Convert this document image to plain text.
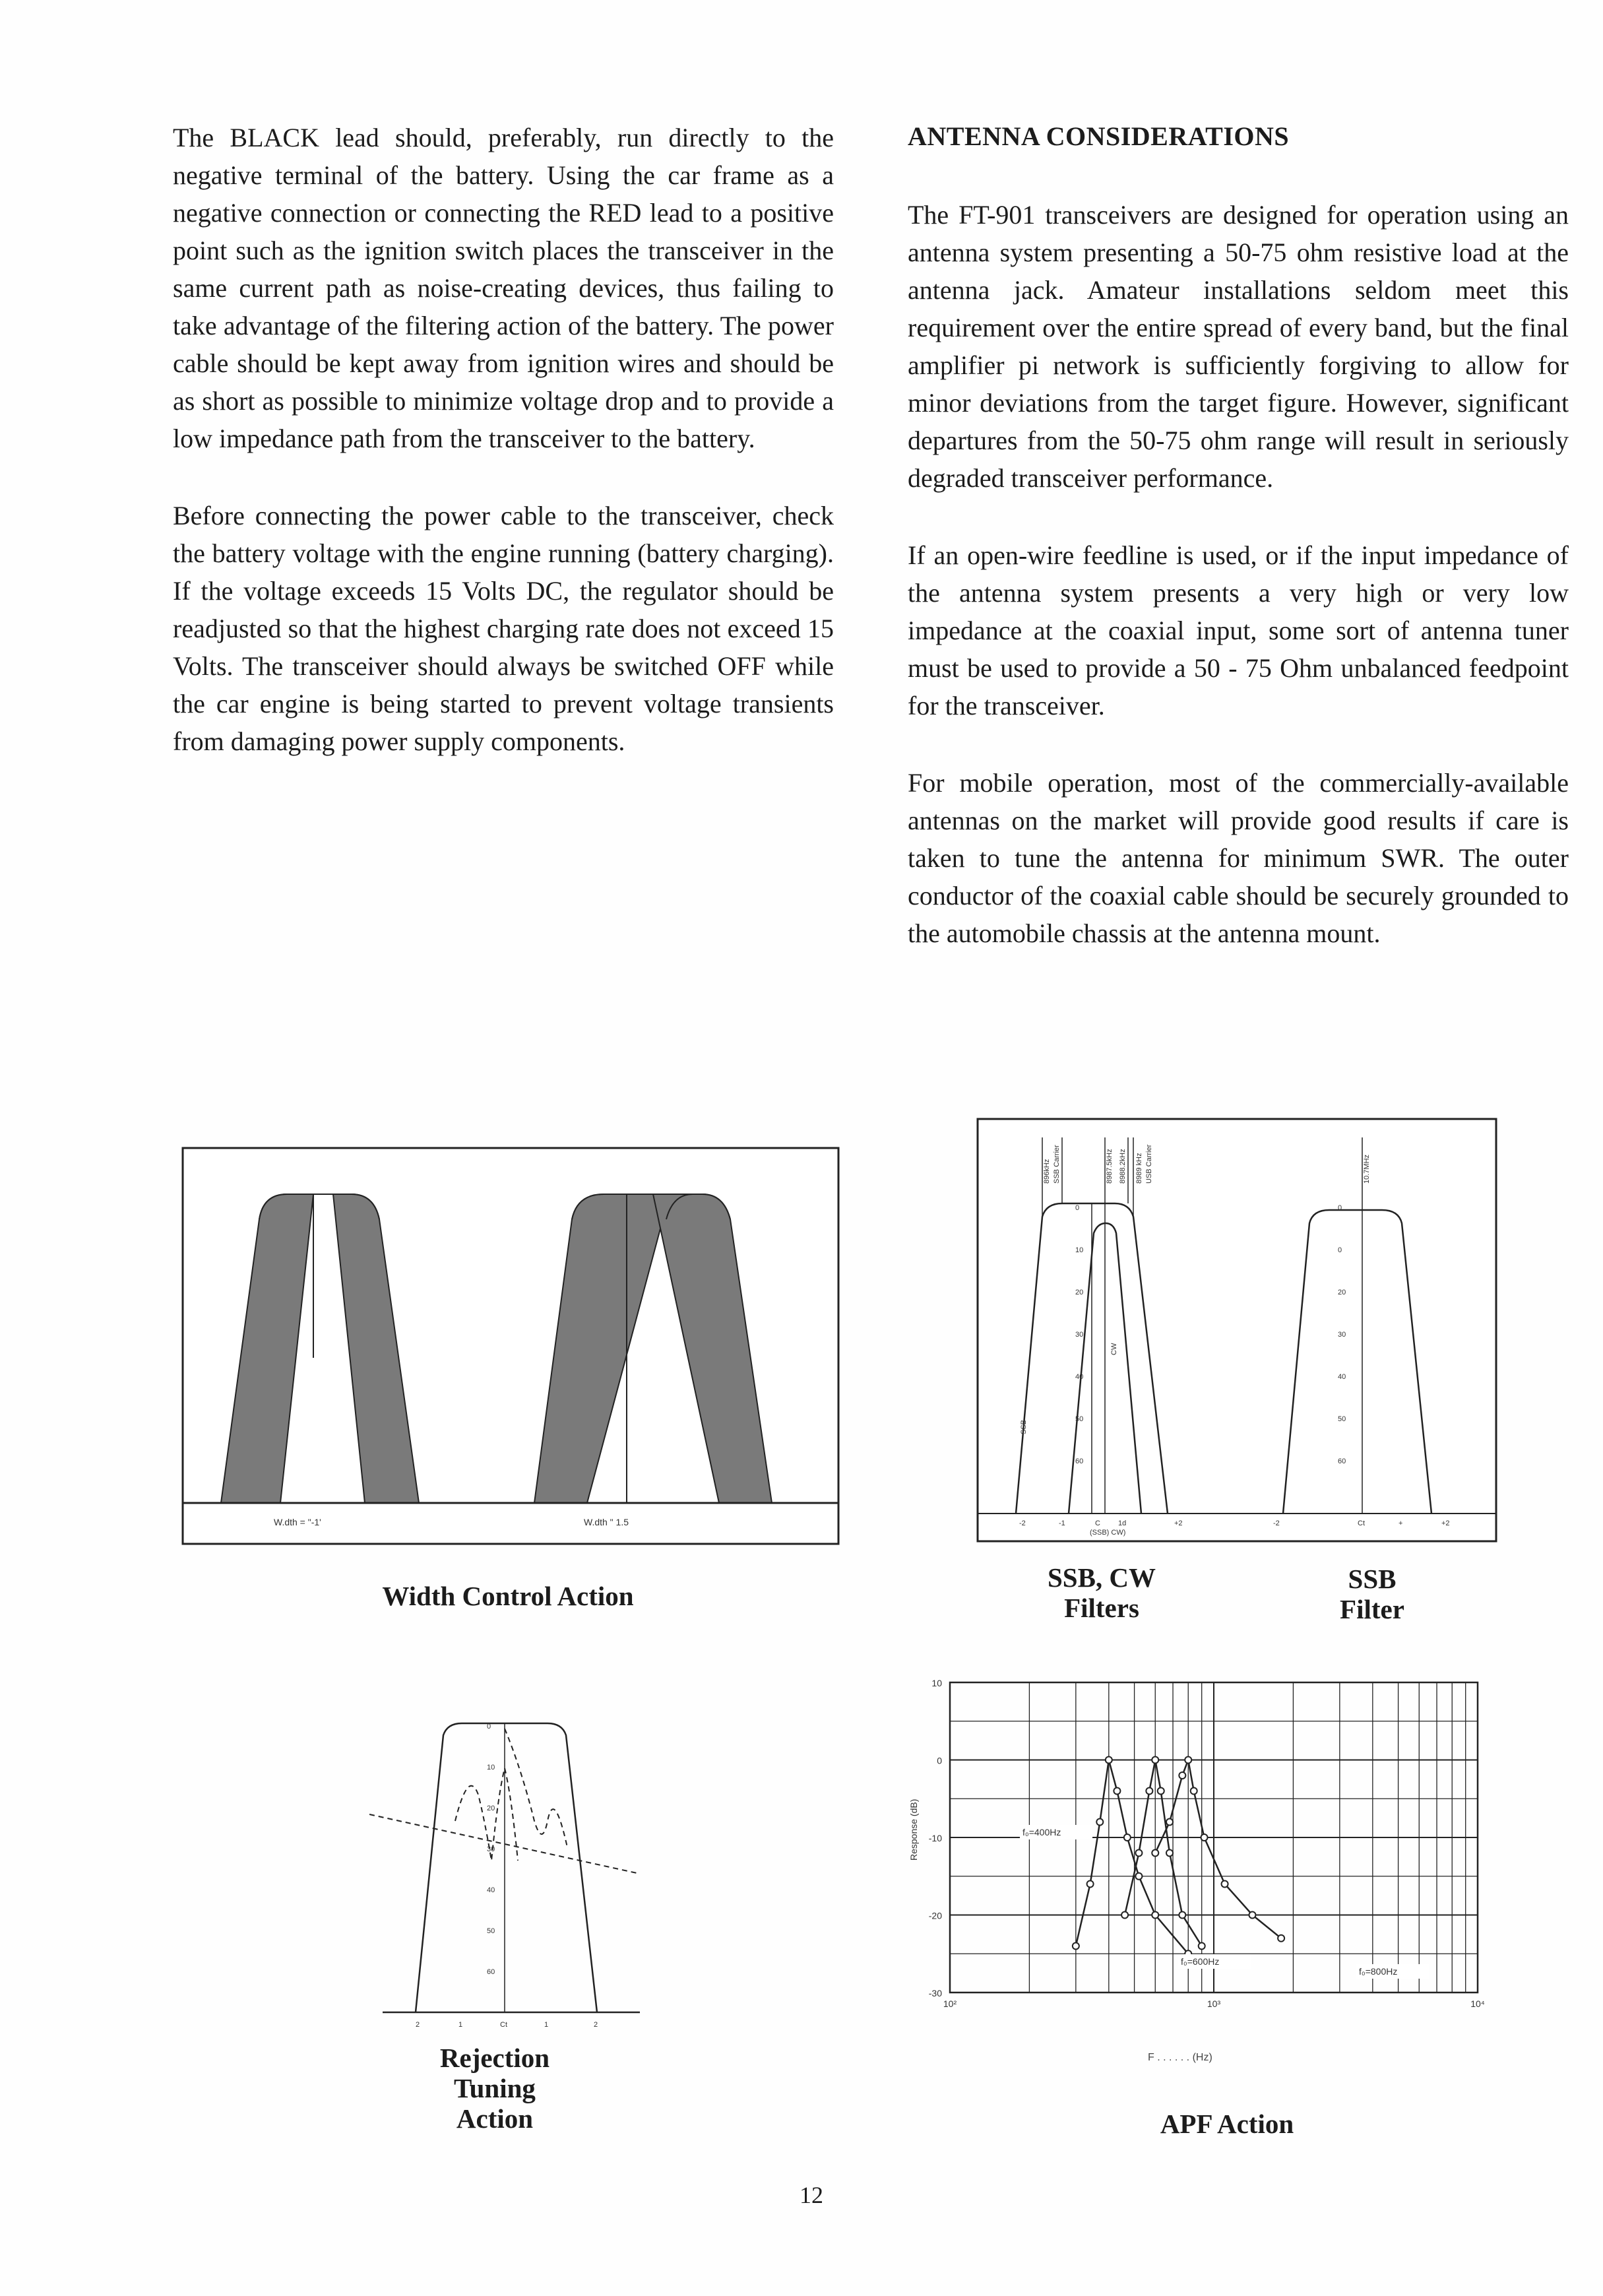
The BLACK lead should, preferably, run directly to the negative terminal of the battery. Using the car frame as a negative connection or connecting the RED lead to a positive point such as the ignition switch places the transceiver in the same current path as noise-creating devices, thus failing to take advantage of the filtering action of the battery. The power cable should be kept away from ignition wires and should be as short as possible to minimize voltage drop and to provide a low impedance path from the transceiver to the battery.

Before connecting the power cable to the transceiver, check the battery voltage with the engine running (battery charging). If the voltage exceeds 15 Volts DC, the regulator should be readjusted so that the highest charging rate does not exceed 15 Volts. The transceiver should always be switched OFF while the car engine is being started to prevent voltage transients from damaging power supply components.

ANTENNA CONSIDERATIONS

The FT-901 transceivers are designed for operation using an antenna system presenting a 50-75 ohm resistive load at the antenna jack. Amateur installations seldom meet this requirement over the entire spread of every band, but the final amplifier pi network is sufficiently forgiving to allow for minor deviations from the target figure. However, significant departures from the 50-75 ohm range will result in seriously degraded transceiver performance.

If an open-wire feedline is used, or if the input impedance of the antenna system presents a very high or very low impedance at the coaxial input, some sort of antenna tuner must be used to provide a 50 - 75 Ohm unbalanced feedpoint for the transceiver.

For mobile operation, most of the commercially-available antennas on the market will provide good results if care is taken to tune the antenna for minimum SWR. The outer conductor of the coaxial cable should be securely grounded to the automobile chassis at the antenna mount.

W.dth = "-1'	W.dth " 1.5
Width Control Action
0
10
20
30
40
50
60
0
0
20
30
40
50
60
896kHz SSB Carrier	8987.5kHz 8988.2kHz 8989 kHz USB Carrier	10.7MHz
SSB
CW
-2	-1	C 1d	+2
(SSB) CW)
-2	Ct	+	+2
SSB, CW
Filters
SSB
Filter
0
10
20
30
40
50
60
2	1	Ct	1	2
Rejection
Tuning
Action
10
0
-10
-20
-30
10²	10³	10⁴
f₀=400Hz
f₀=600Hz
f₀=800Hz
Response (dB)
F . . . . . . (Hz)
APF Action
12
